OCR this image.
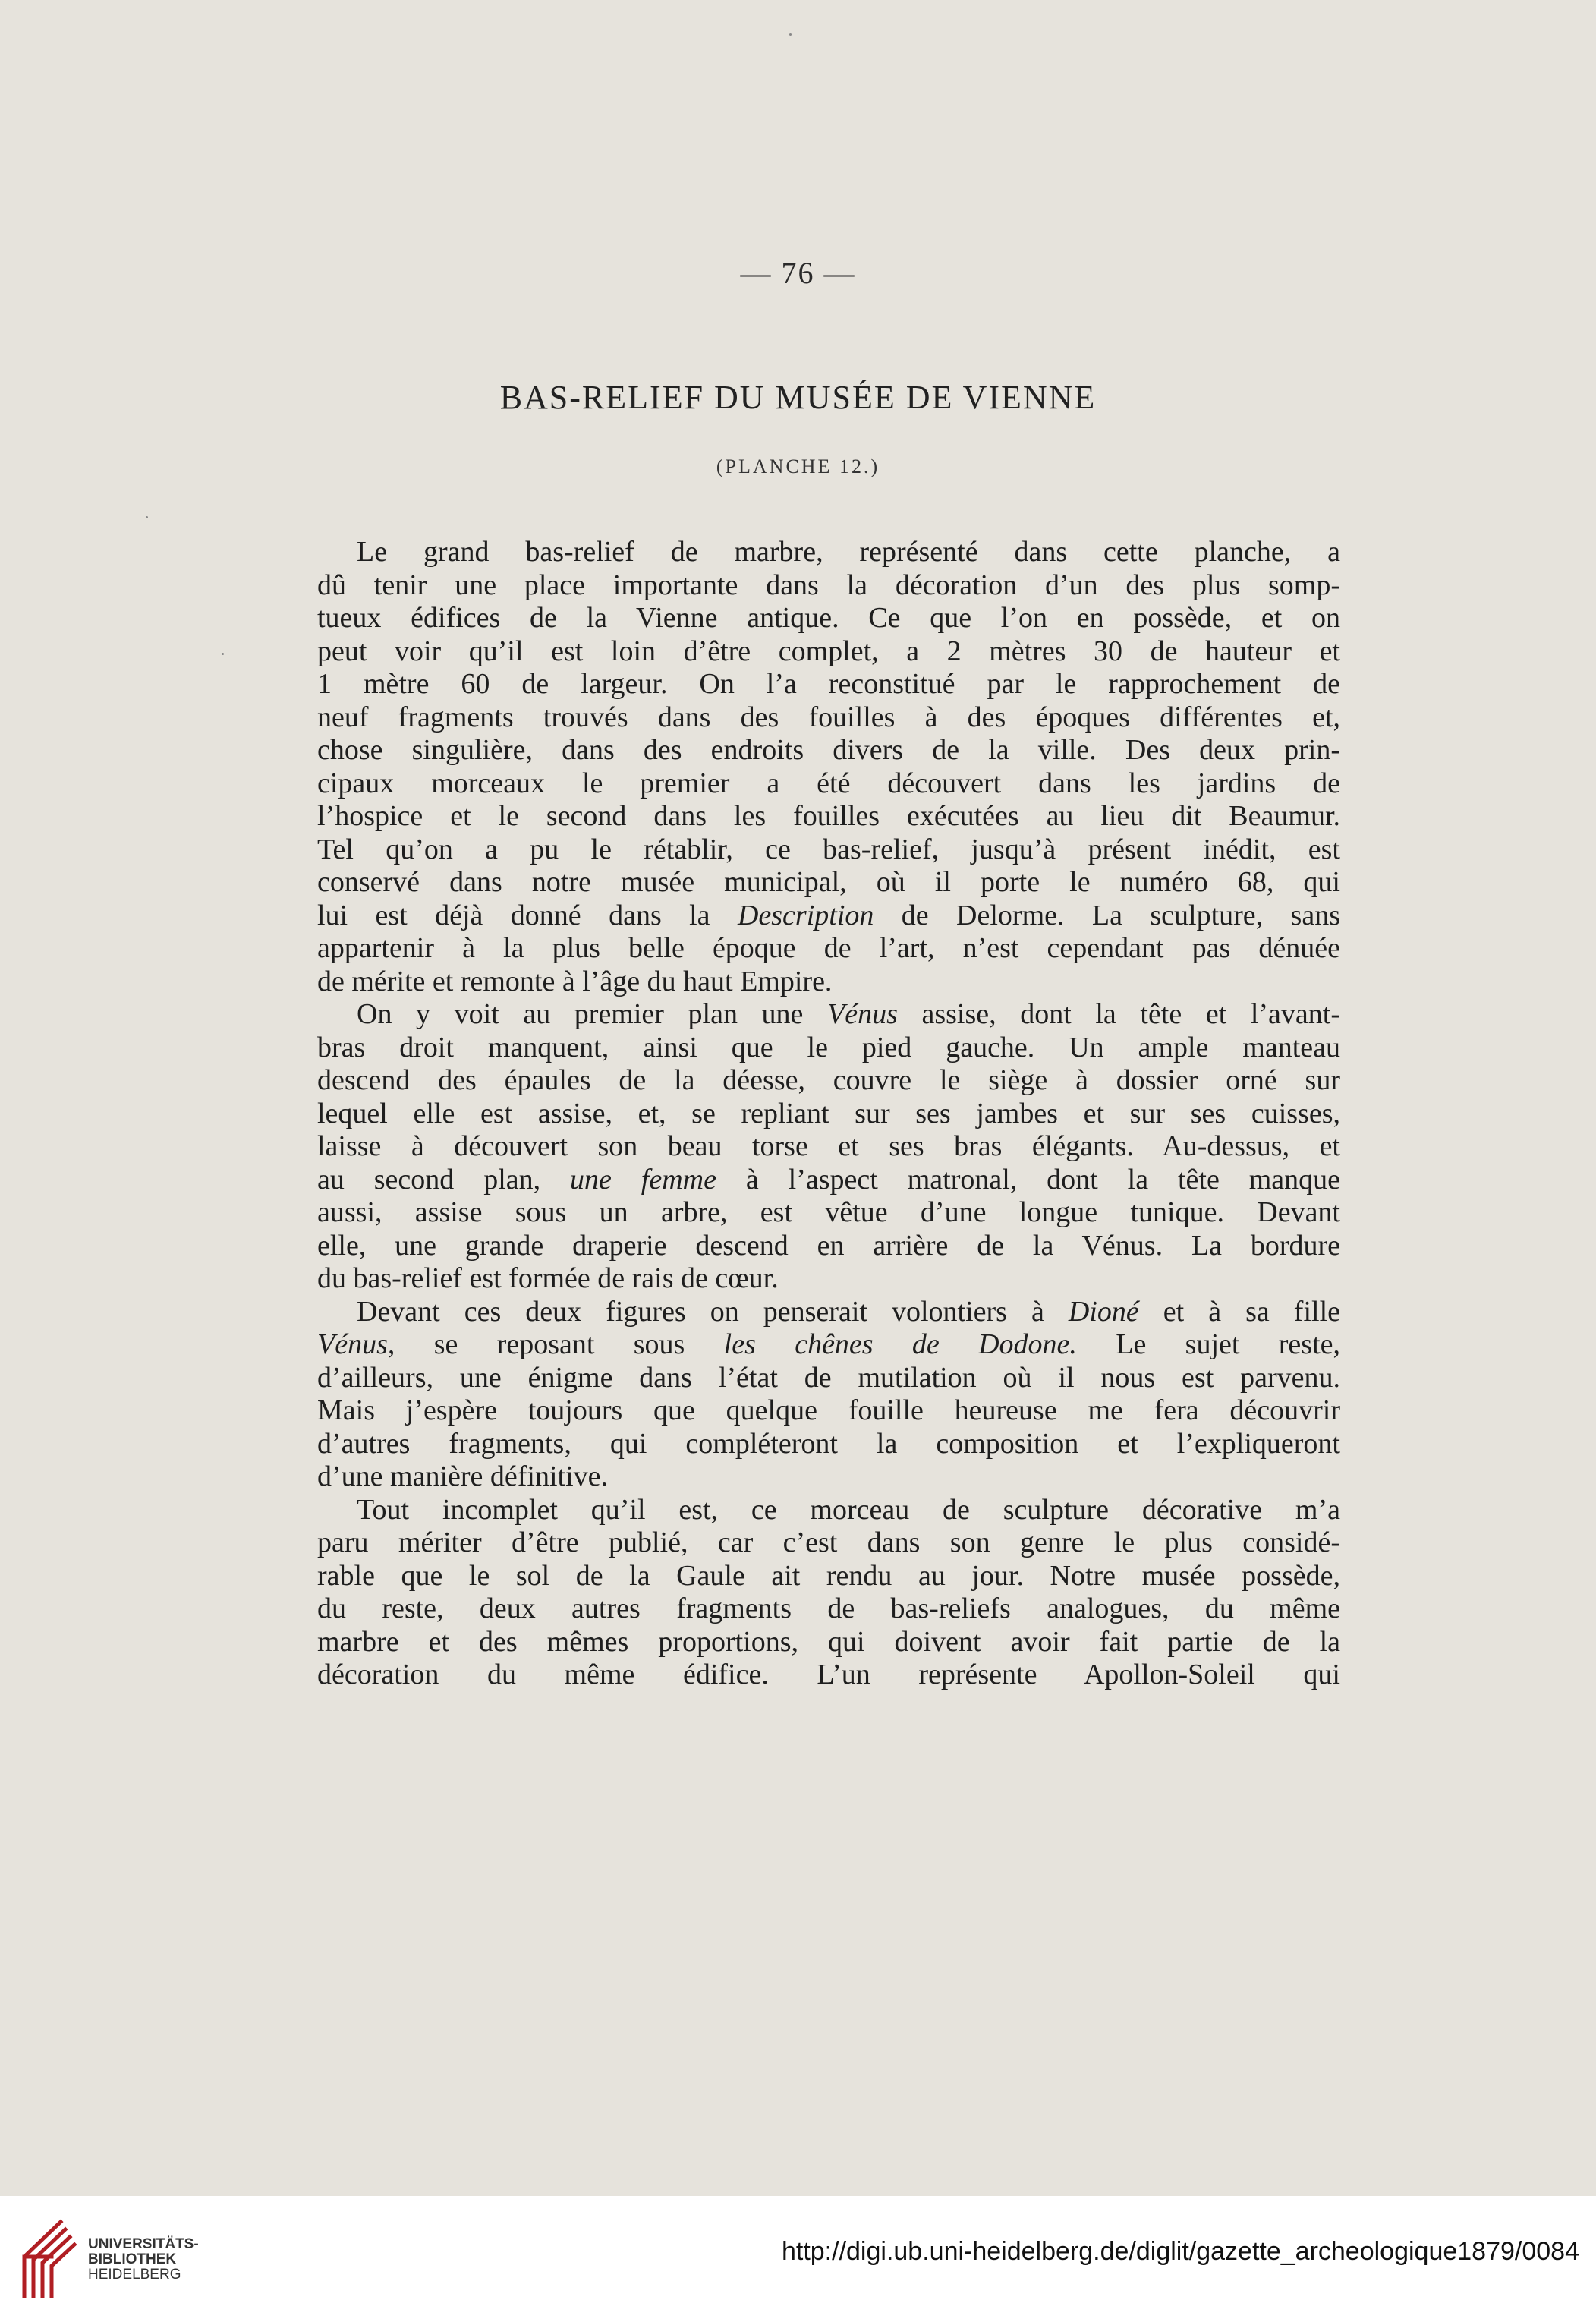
— 76 —
BAS-RELIEF DU MUSÉE DE VIENNE
(PLANCHE 12.)
Le grand bas-relief de marbre, représenté dans cette planche, a
dû tenir une place importante dans la décoration d’un des plus somp-
tueux édifices de la Vienne antique. Ce que l’on en possède, et on
peut voir qu’il est loin d’être complet, a 2 mètres 30 de hauteur et
1 mètre 60 de largeur. On l’a reconstitué par le rapprochement de
neuf fragments trouvés dans des fouilles à des époques différentes et,
chose singulière, dans des endroits divers de la ville. Des deux prin-
cipaux morceaux le premier a été découvert dans les jardins de
l’hospice et le second dans les fouilles exécutées au lieu dit Beaumur.
Tel qu’on a pu le rétablir, ce bas-relief, jusqu’à présent inédit, est
conservé dans notre musée municipal, où il porte le numéro 68, qui
lui est déjà donné dans la Description de Delorme. La sculpture, sans
appartenir à la plus belle époque de l’art, n’est cependant pas dénuée
de mérite et remonte à l’âge du haut Empire.
On y voit au premier plan une Vénus assise, dont la tête et l’avant-
bras droit manquent, ainsi que le pied gauche. Un ample manteau
descend des épaules de la déesse, couvre le siège à dossier orné sur
lequel elle est assise, et, se repliant sur ses jambes et sur ses cuisses,
laisse à découvert son beau torse et ses bras élégants. Au-dessus, et
au second plan, une femme à l’aspect matronal, dont la tête manque
aussi, assise sous un arbre, est vêtue d’une longue tunique. Devant
elle, une grande draperie descend en arrière de la Vénus. La bordure
du bas-relief est formée de rais de cœur.
Devant ces deux figures on penserait volontiers à Dioné et à sa fille
Vénus, se reposant sous les chênes de Dodone. Le sujet reste,
d’ailleurs, une énigme dans l’état de mutilation où il nous est parvenu.
Mais j’espère toujours que quelque fouille heureuse me fera découvrir
d’autres fragments, qui compléteront la composition et l’expliqueront
d’une manière définitive.
Tout incomplet qu’il est, ce morceau de sculpture décorative m’a
paru mériter d’être publié, car c’est dans son genre le plus considé-
rable que le sol de la Gaule ait rendu au jour. Notre musée possède,
du reste, deux autres fragments de bas-reliefs analogues, du même
marbre et des mêmes proportions, qui doivent avoir fait partie de la
décoration du même édifice. L’un représente Apollon-Soleil qui
UNIVERSITÄTS-
BIBLIOTHEK
HEIDELBERG
http://digi.ub.uni-heidelberg.de/diglit/gazette_archeologique1879/0084
